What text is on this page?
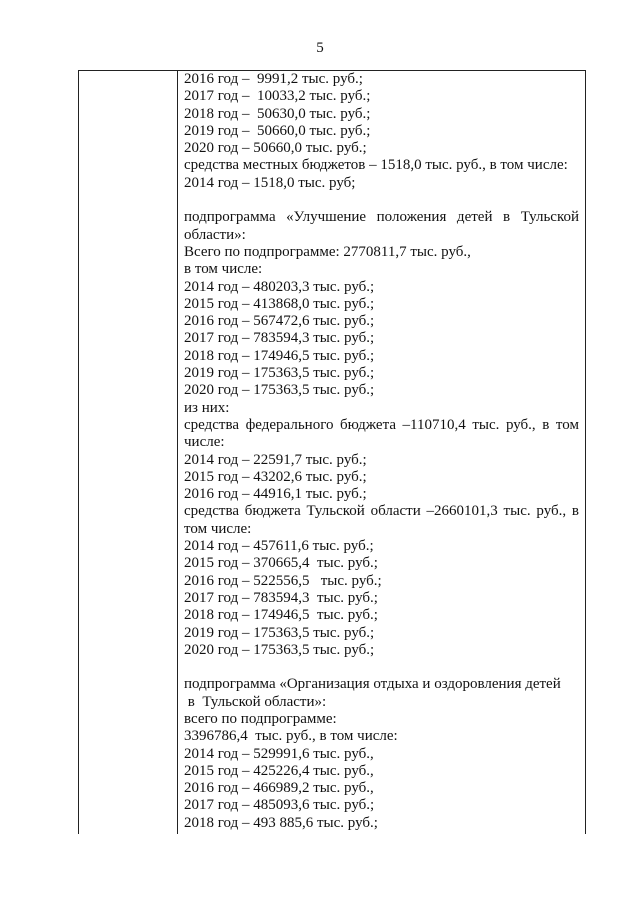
5
2016 год –  9991,2 тыс. руб.;
2017 год –  10033,2 тыс. руб.;
2018 год –  50630,0 тыс. руб.;
2019 год –  50660,0 тыс. руб.;
2020 год – 50660,0 тыс. руб.;
средства местных бюджетов – 1518,0 тыс. руб., в том числе:
2014 год – 1518,0 тыс. руб;
подпрограмма «Улучшение положения детей в Тульской
области»:
Всего по подпрограмме: 2770811,7 тыс. руб.,
в том числе:
2014 год – 480203,3 тыс. руб.;
2015 год – 413868,0 тыс. руб.;
2016 год – 567472,6 тыс. руб.;
2017 год – 783594,3 тыс. руб.;
2018 год – 174946,5 тыс. руб.;
2019 год – 175363,5 тыс. руб.;
2020 год – 175363,5 тыс. руб.;
из них:
средства федерального бюджета –110710,4 тыс. руб., в том
числе:
2014 год – 22591,7 тыс. руб.;
2015 год – 43202,6 тыс. руб.;
2016 год – 44916,1 тыс. руб.;
средства бюджета Тульской области –2660101,3 тыс. руб., в
том числе:
2014 год – 457611,6 тыс. руб.;
2015 год – 370665,4  тыс. руб.;
2016 год – 522556,5   тыс. руб.;
2017 год – 783594,3  тыс. руб.;
2018 год – 174946,5  тыс. руб.;
2019 год – 175363,5 тыс. руб.;
2020 год – 175363,5 тыс. руб.;
подпрограмма «Организация отдыха и оздоровления детей
в  Тульской области»:
всего по подпрограмме:
3396786,4  тыс. руб., в том числе:
2014 год – 529991,6 тыс. руб.,
2015 год – 425226,4 тыс. руб.,
2016 год – 466989,2 тыс. руб.,
2017 год – 485093,6 тыс. руб.;
2018 год – 493 885,6 тыс. руб.;
